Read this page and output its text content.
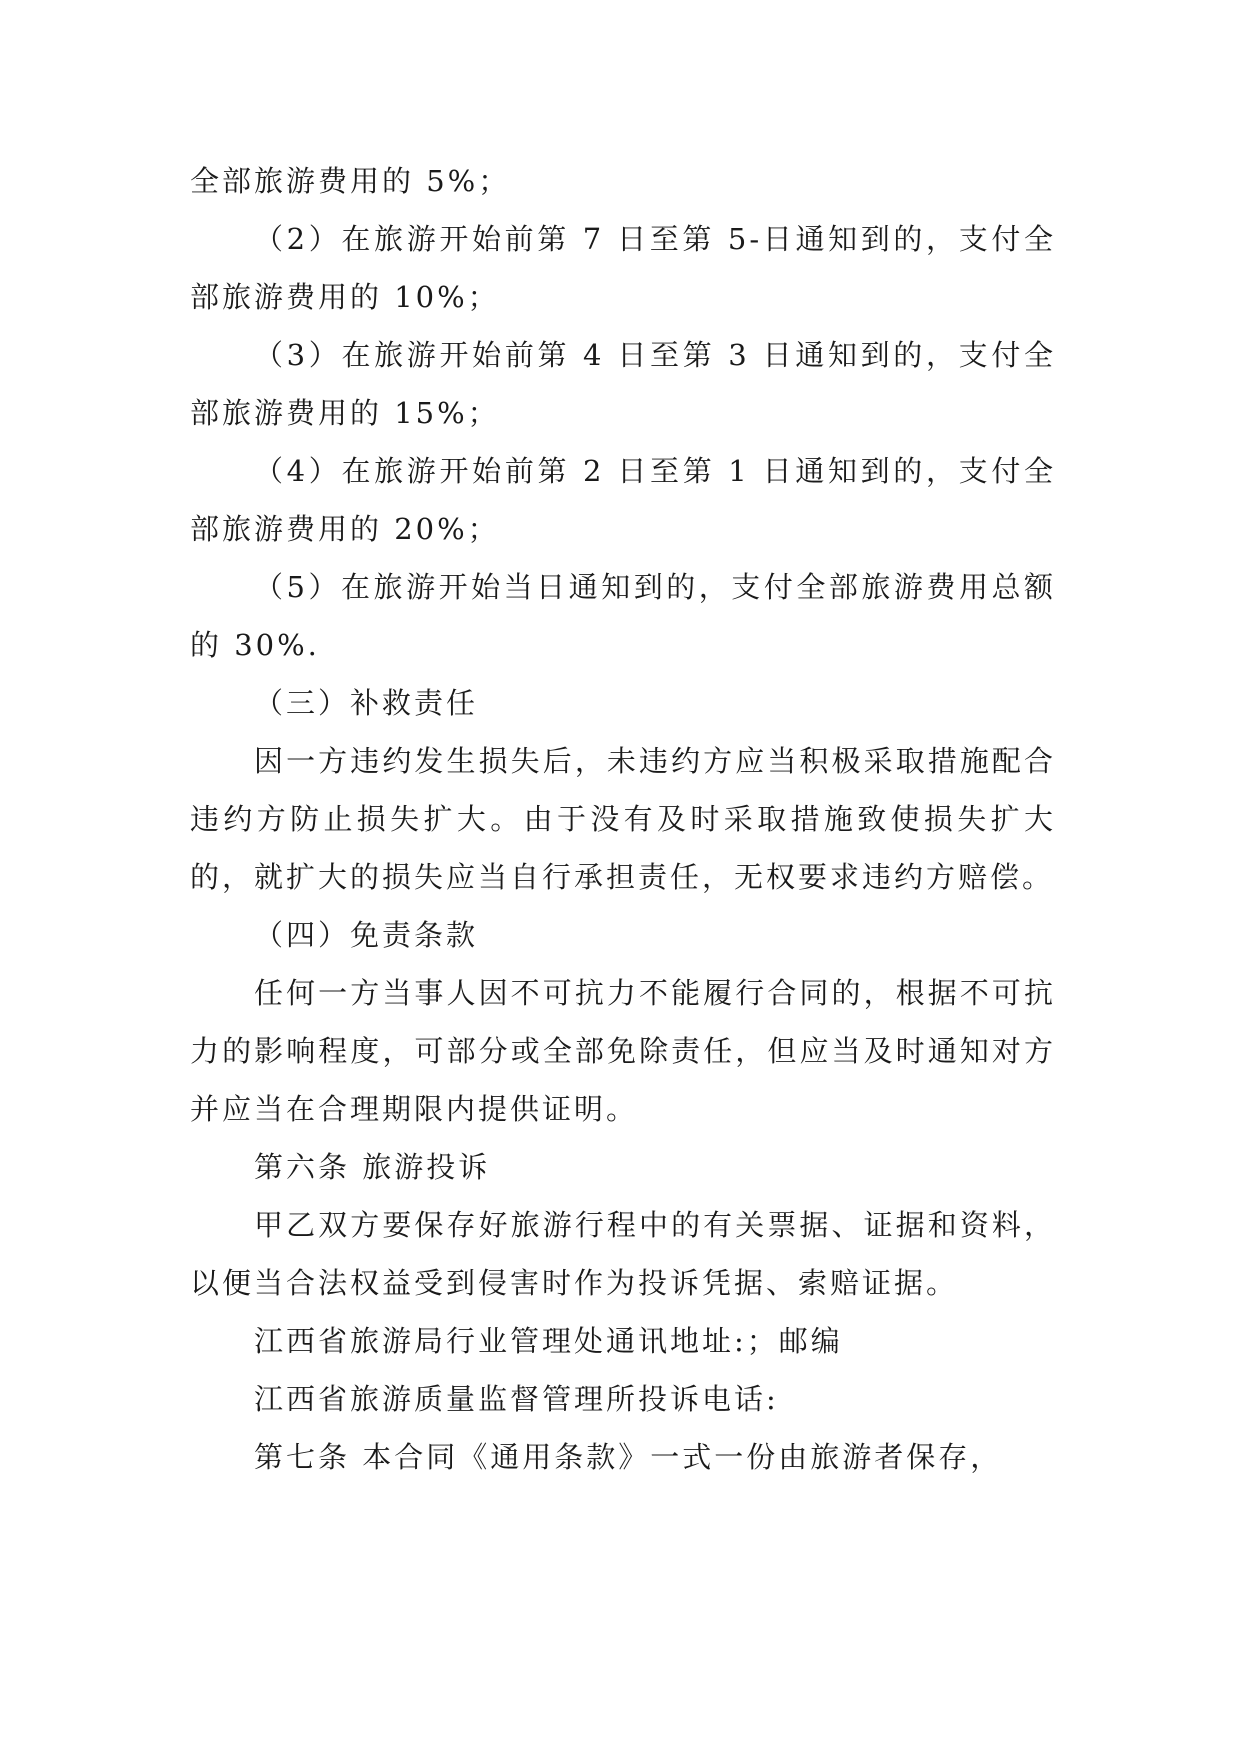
全部旅游费用的 5%；

（2）在旅游开始前第 7 日至第 5-日通知到的，支付全部旅游费用的 10%；

（3）在旅游开始前第 4 日至第 3 日通知到的，支付全部旅游费用的 15%；

（4）在旅游开始前第 2 日至第 1 日通知到的，支付全部旅游费用的 20%；

（5）在旅游开始当日通知到的，支付全部旅游费用总额的 30%.

（三）补救责任

因一方违约发生损失后，未违约方应当积极采取措施配合违约方防止损失扩大。由于没有及时采取措施致使损失扩大的，就扩大的损失应当自行承担责任，无权要求违约方赔偿。

（四）免责条款

任何一方当事人因不可抗力不能履行合同的，根据不可抗力的影响程度，可部分或全部免除责任，但应当及时通知对方并应当在合理期限内提供证明。

第六条 旅游投诉

甲乙双方要保存好旅游行程中的有关票据、证据和资料，以便当合法权益受到侵害时作为投诉凭据、索赔证据。

江西省旅游局行业管理处通讯地址:；邮编

江西省旅游质量监督管理所投诉电话:

第七条 本合同《通用条款》一式一份由旅游者保存，
